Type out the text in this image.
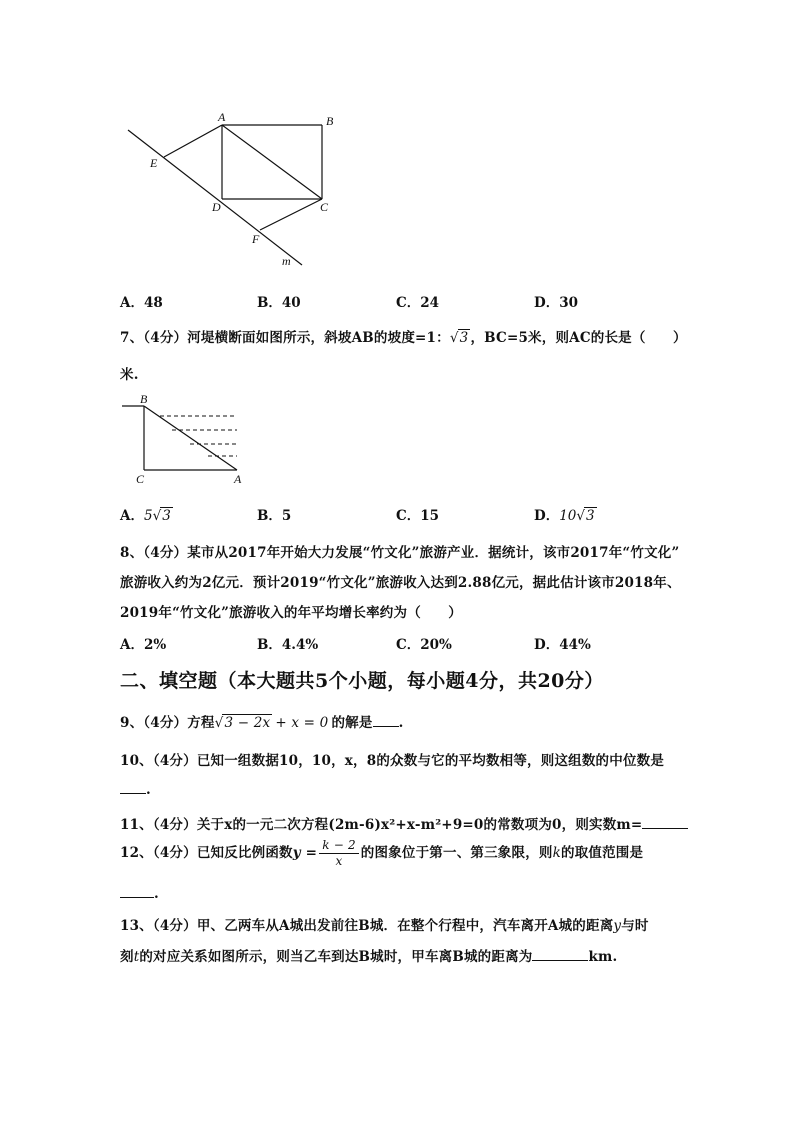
A	B
C
D
E
F
m
A．48	B．40	C．24	D．30
7、（4分）河堤横断面如图所示，斜坡AB的坡度=1：√3 ，BC=5米，则AC的长是（　　）
米.
B
C	A
A．5√3	B．5	C．15	D．10√3
8、（4分）某市从2017年开始大力发展“竹文化”旅游产业．据统计，该市2017年“竹文化”
旅游收入约为2亿元．预计2019“竹文化”旅游收入达到2.88亿元，据此估计该市2018年、
2019年“竹文化”旅游收入的年平均增长率约为（　　）
A．2%	B．4.4%	C．20%	D．44%
二、填空题（本大题共5个小题，每小题4分，共20分）
9、（4分）方程√3 − 2x + x = 0 的解是 .
10、（4分）已知一组数据10，10，x，8的众数与它的平均数相等，则这组数的中位数是
.
11、（4分）关于x的一元二次方程(2m-6)x²+x-m²+9=0的常数项为0，则实数m=
12、（4分）已知反比例函数$y = \frac{k - 2}{x}$ 的图象位于第一、第三象限，则k的取值范围是
.
13、（4分）甲、乙两车从A城出发前往B城．在整个行程中，汽车离开A城的距离y与时
刻t的对应关系如图所示，则当乙车到达B城时，甲车离B城的距离为	km.
